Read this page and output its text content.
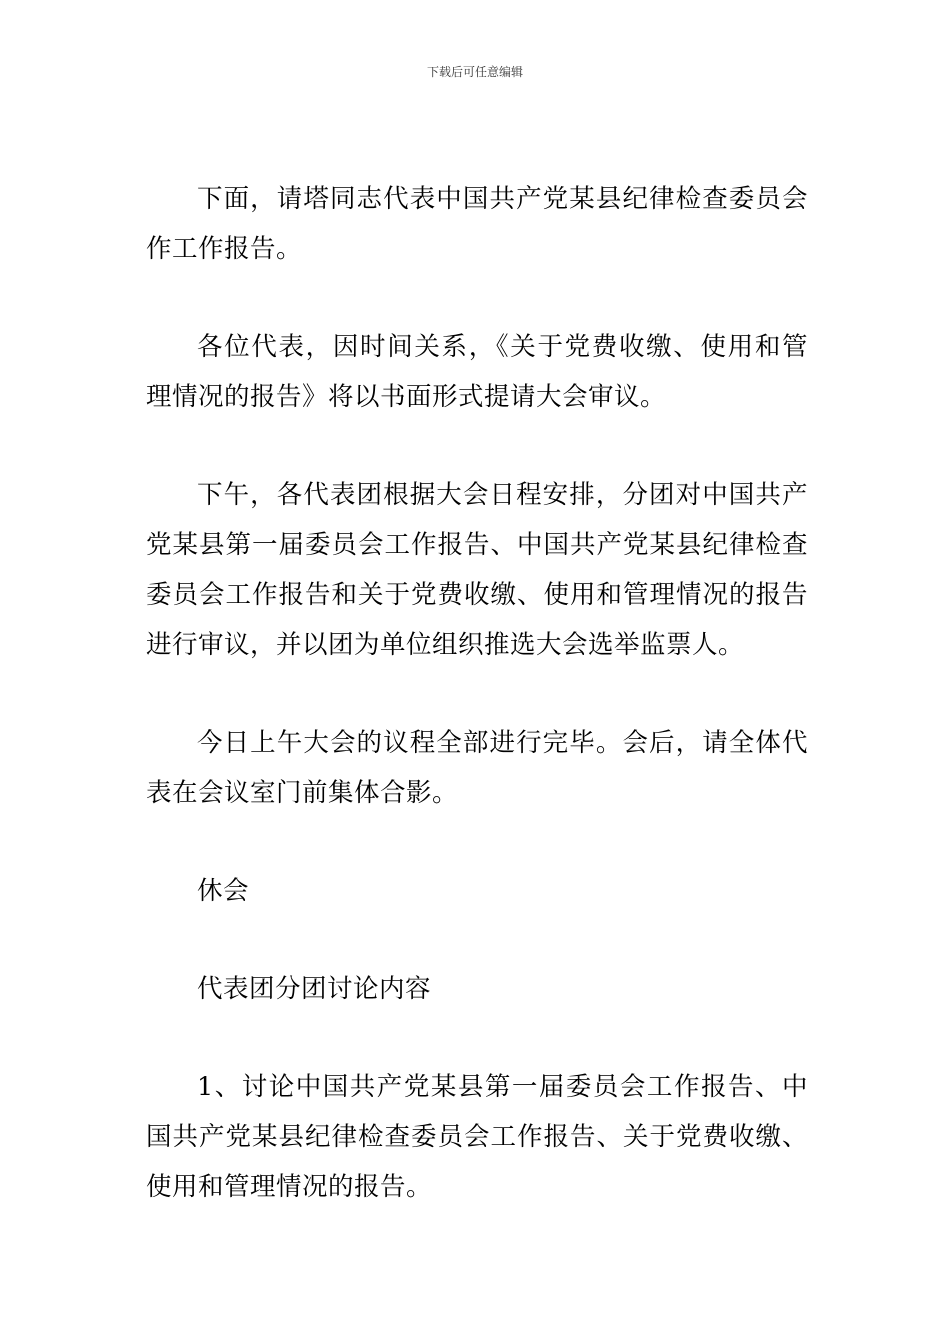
下载后可任意编辑

下面，请塔同志代表中国共产党某县纪律检查委员会作工作报告。

各位代表，因时间关系，《关于党费收缴、使用和管理情况的报告》将以书面形式提请大会审议。

下午，各代表团根据大会日程安排，分团对中国共产党某县第一届委员会工作报告、中国共产党某县纪律检查委员会工作报告和关于党费收缴、使用和管理情况的报告进行审议，并以团为单位组织推选大会选举监票人。

今日上午大会的议程全部进行完毕。会后，请全体代表在会议室门前集体合影。

休会

代表团分团讨论内容

1、讨论中国共产党某县第一届委员会工作报告、中国共产党某县纪律检查委员会工作报告、关于党费收缴、使用和管理情况的报告。
